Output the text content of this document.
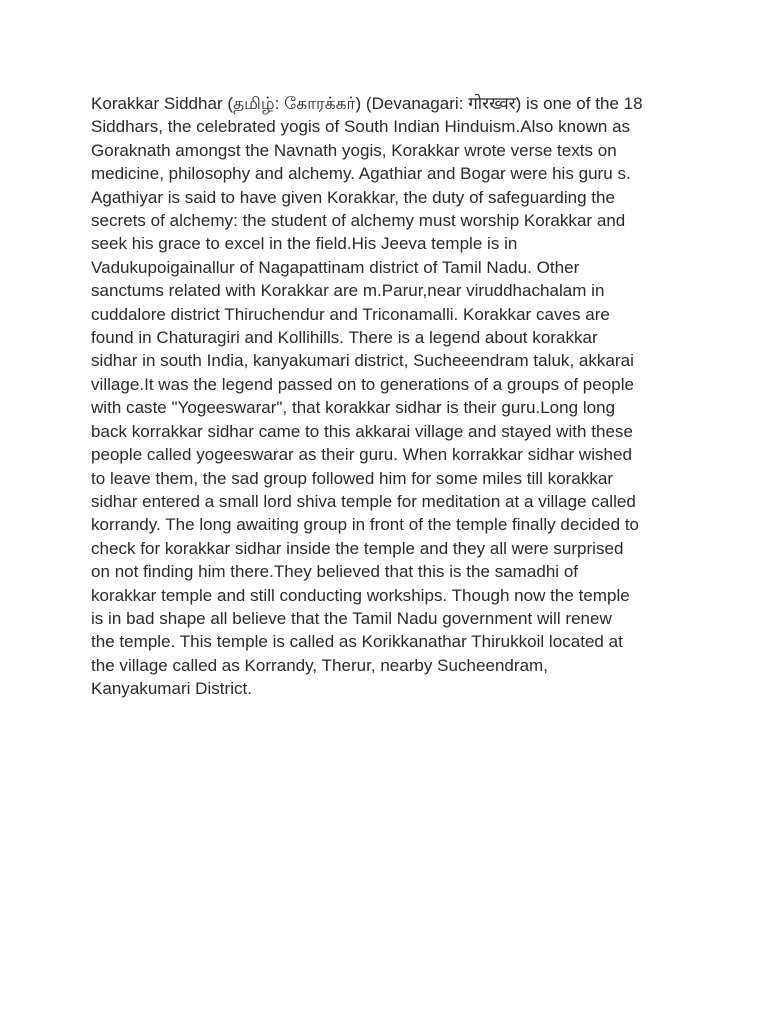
Korakkar Siddhar (தமிழ்: கோரக்கர்) (Devanagari: गोरख्वर) is one of the 18
Siddhars, the celebrated yogis of South Indian Hinduism.Also known as
Goraknath amongst the Navnath yogis, Korakkar wrote verse texts on
medicine, philosophy and alchemy. Agathiar and Bogar were his guru s.
Agathiyar is said to have given Korakkar, the duty of safeguarding the
secrets of alchemy: the student of alchemy must worship Korakkar and
seek his grace to excel in the field.His Jeeva temple is in
Vadukupoigainallur of Nagapattinam district of Tamil Nadu. Other
sanctums related with Korakkar are m.Parur,near viruddhachalam in
cuddalore district Thiruchendur and Triconamalli. Korakkar caves are
found in Chaturagiri and Kollihills. There is a legend about korakkar
sidhar in south India, kanyakumari district, Sucheeendram taluk, akkarai
village.It was the legend passed on to generations of a groups of people
with caste "Yogeeswarar", that korakkar sidhar is their guru.Long long
back korrakkar sidhar came to this akkarai village and stayed with these
people called yogeeswarar as their guru. When korrakkar sidhar wished
to leave them, the sad group followed him for some miles till korakkar
sidhar entered a small lord shiva temple for meditation at a village called
korrandy. The long awaiting group in front of the temple finally decided to
check for korakkar sidhar inside the temple and they all were surprised
on not finding him there.They believed that this is the samadhi of
korakkar temple and still conducting workships. Though now the temple
is in bad shape all believe that the Tamil Nadu government will renew
the temple. This temple is called as Korikkanathar Thirukkoil located at
the village called as Korrandy, Therur, nearby Sucheendram,
Kanyakumari District.
